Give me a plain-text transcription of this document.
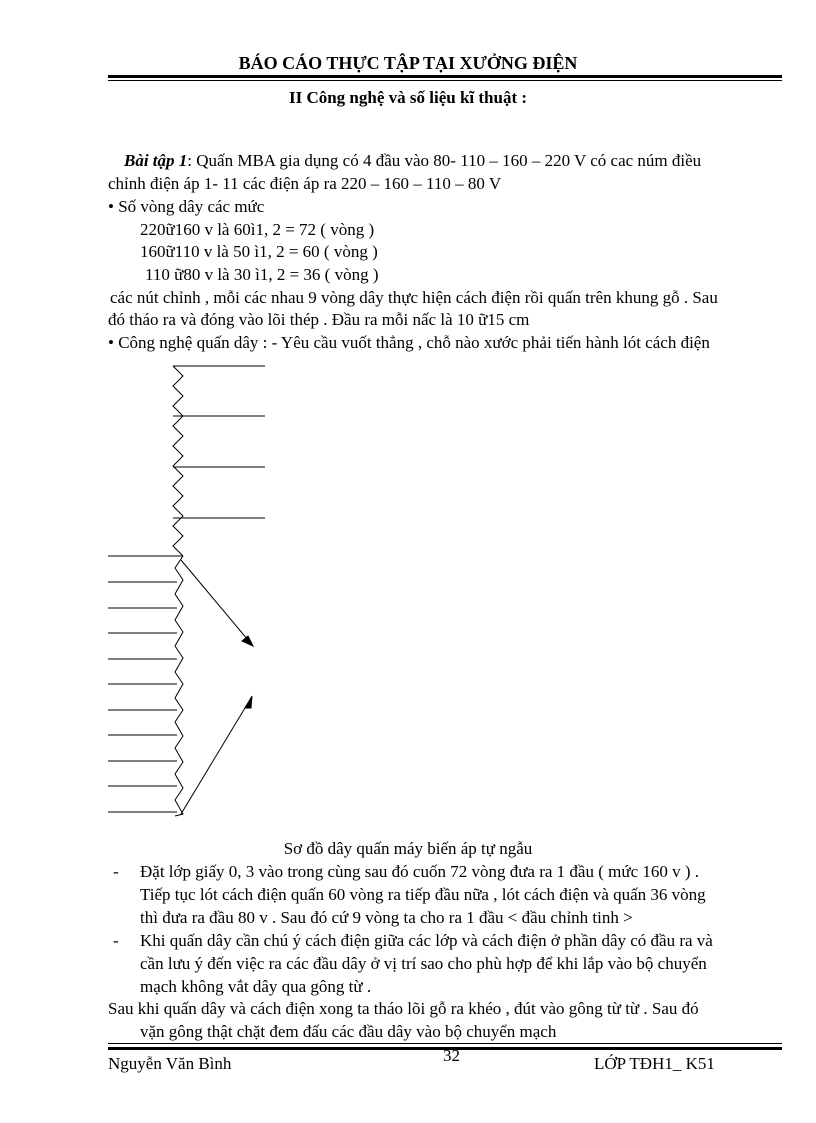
BÁO CÁO THỰC TẬP TẠI XƯỞNG ĐIỆN
II Công nghệ và số liệu kĩ thuật :
Bài tập 1: Quấn MBA gia dụng có 4 đầu vào 80- 110 – 160 – 220 V có cac núm điều
chỉnh điện áp 1- 11 các điện áp ra 220 – 160 – 110 – 80 V
• Số vòng dây các mức
220ữ160 v là 60ì1, 2 = 72 ( vòng )
160ữ110 v là 50 ì1, 2 = 60 ( vòng )
110 ữ80 v là 30 ì1, 2 = 36 ( vòng )
các nút chỉnh , mỗi các nhau 9 vòng dây thực hiện cách điện rồi quấn trên khung gỗ . Sau
đó tháo ra và đóng vào lõi thép . Đầu ra mỗi nấc là 10 ữ15 cm
• Công nghệ quấn dây : - Yêu cầu vuốt thẳng , chỗ nào xước phải tiến hành lót cách điện
Sơ đồ dây quấn máy biến áp tự ngẫu
- Đặt lớp giấy 0, 3 vào trong cùng sau đó cuốn 72 vòng đưa ra 1 đầu ( mức 160 v ) .
Tiếp tục lót cách điện quấn 60 vòng ra tiếp đầu nữa , lót cách điện và quấn 36 vòng
thì đưa ra đầu 80 v . Sau đó cứ 9 vòng ta cho ra 1 đầu < đầu chỉnh tinh >
- Khi quấn dây cần chú ý cách điện giữa các lớp và cách điện ở phần dây có đầu ra và
cần lưu ý đến việc ra các đầu dây ở vị trí sao cho phù hợp để khi lắp vào bộ chuyển
mạch không vắt dây qua gông từ .
Sau khi quấn dây và cách điện xong ta tháo lõi gỗ ra khéo , đút vào gông từ từ . Sau đó
vặn gông thật chặt đem đấu các đầu dây vào bộ chuyển mạch
Nguyễn Văn Bình	32	LỚP TĐH1_ K51
